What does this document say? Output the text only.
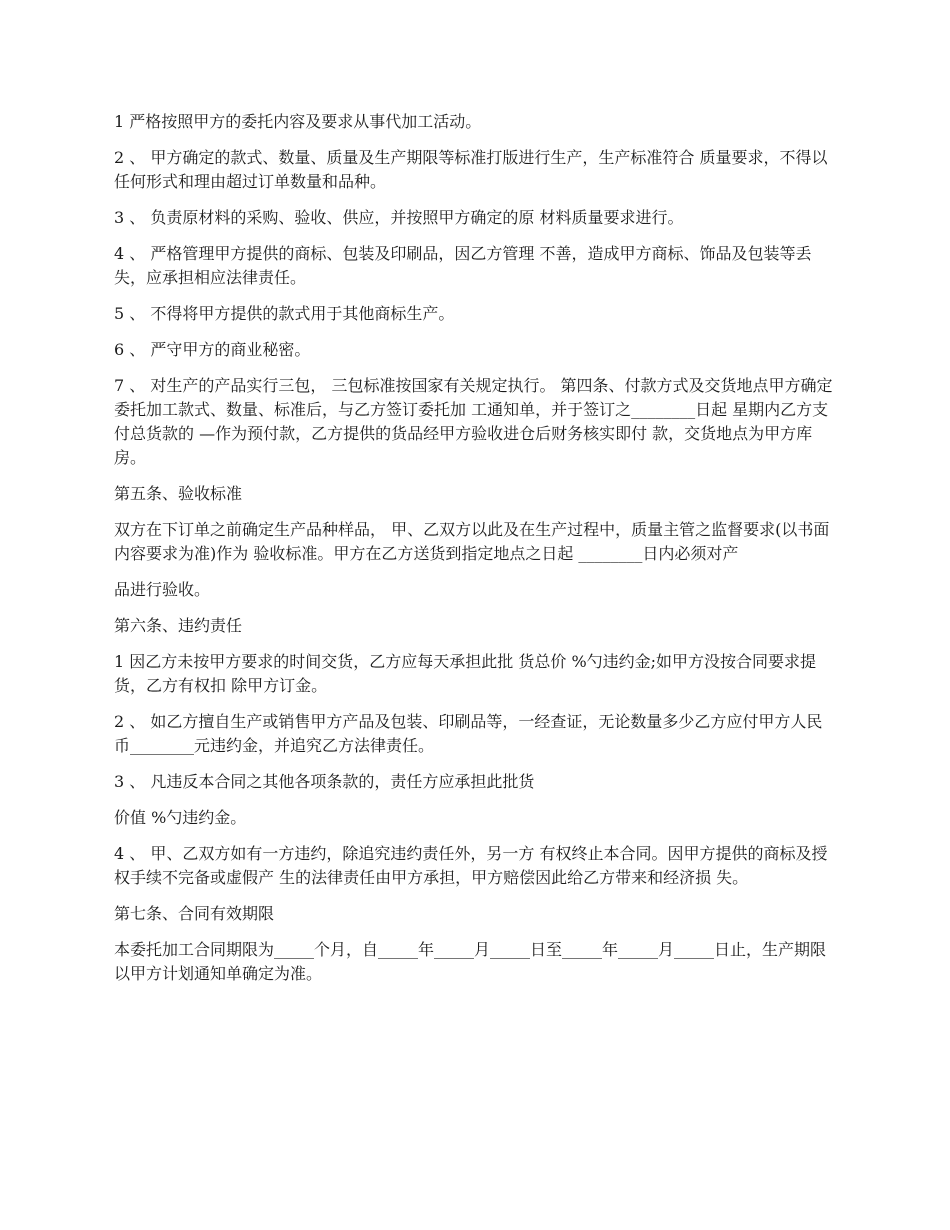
1 严格按照甲方的委托内容及要求从事代加工活动。

2 、 甲方确定的款式、数量、质量及生产期限等标准打版进行生产，生产标准符合 质量要求，不得以任何形式和理由超过订单数量和品种。

3 、 负责原材料的采购、验收、供应，并按照甲方确定的原 材料质量要求进行。

4 、 严格管理甲方提供的商标、包装及印刷品，因乙方管理 不善，造成甲方商标、饰品及包装等丢失，应承担相应法律责任。

5 、 不得将甲方提供的款式用于其他商标生产。

6 、 严守甲方的商业秘密。

7 、 对生产的产品实行三包， 三包标准按国家有关规定执行。 第四条、付款方式及交货地点甲方确定委托加工款式、数量、标准后，与乙方签订委托加 工通知单，并于签订之________日起 星期内乙方支付总货款的 —作为预付款，乙方提供的货品经甲方验收进仓后财务核实即付 款，交货地点为甲方库房。

第五条、验收标准

双方在下订单之前确定生产品种样品， 甲、乙双方以此及在生产过程中，质量主管之监督要求(以书面内容要求为准)作为 验收标准。甲方在乙方送货到指定地点之日起 ________日内必须对产

品进行验收。

第六条、违约责任

1 因乙方未按甲方要求的时间交货，乙方应每天承担此批 货总价 %勺违约金;如甲方没按合同要求提货，乙方有权扣 除甲方订金。

2 、 如乙方擅自生产或销售甲方产品及包装、印刷品等，一经查证，无论数量多少乙方应付甲方人民币________元违约金，并追究乙方法律责任。

3 、 凡违反本合同之其他各项条款的，责任方应承担此批货

价值 %勺违约金。

4 、 甲、乙双方如有一方违约，除追究违约责任外，另一方 有权终止本合同。因甲方提供的商标及授权手续不完备或虚假产 生的法律责任由甲方承担，甲方赔偿因此给乙方带来和经济损 失。

第七条、合同有效期限

本委托加工合同期限为_____个月，自_____年_____月_____日至_____年_____月_____日止，生产期限以甲方计划通知单确定为准。
